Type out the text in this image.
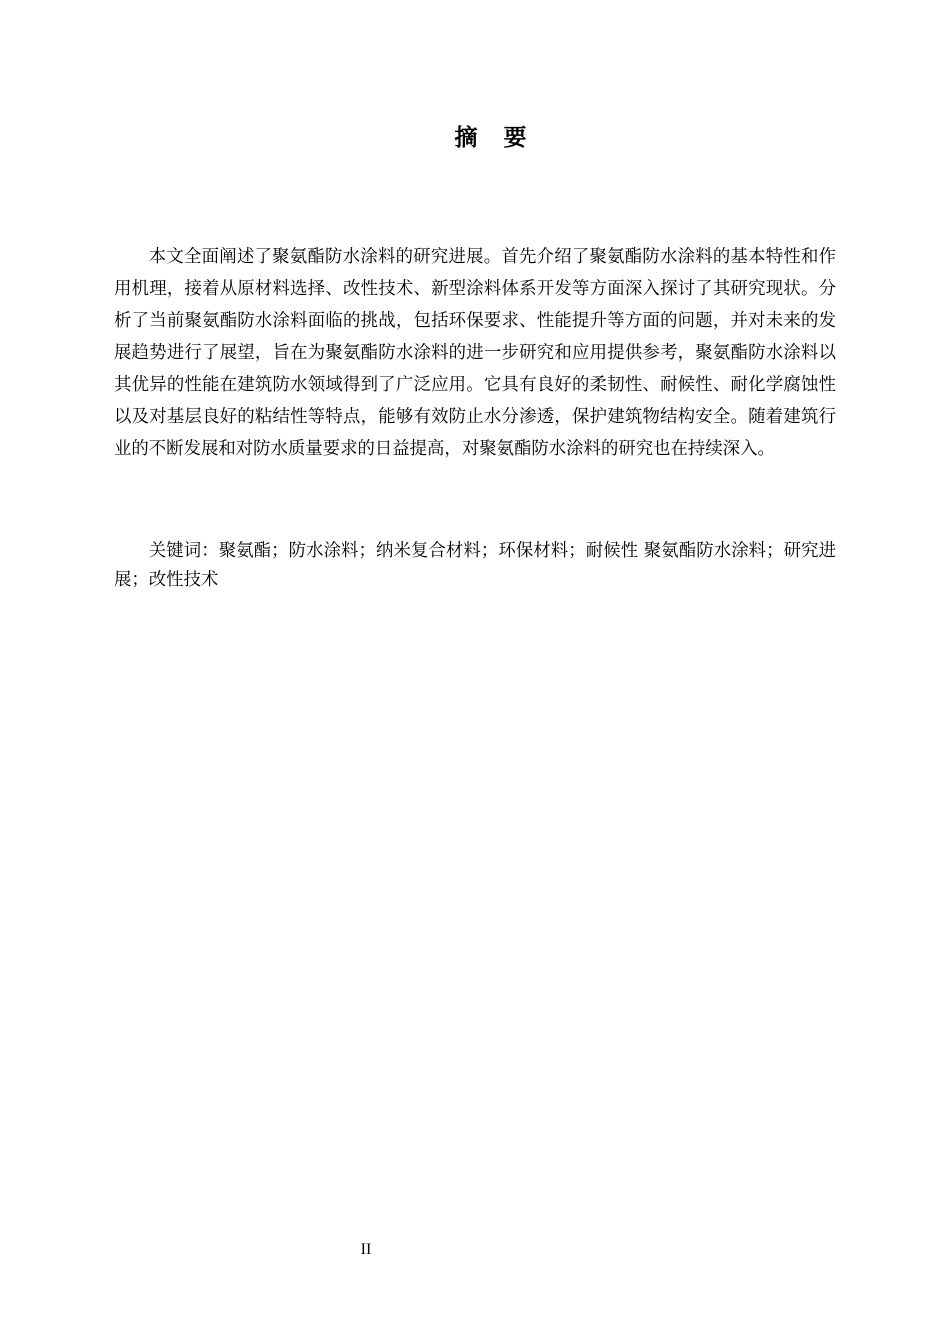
摘 要

本文全面阐述了聚氨酯防水涂料的研究进展。首先介绍了聚氨酯防水涂料的基本特性和作用机理，接着从原材料选择、改性技术、新型涂料体系开发等方面深入探讨了其研究现状。分析了当前聚氨酯防水涂料面临的挑战，包括环保要求、性能提升等方面的问题，并对未来的发展趋势进行了展望，旨在为聚氨酯防水涂料的进一步研究和应用提供参考，聚氨酯防水涂料以其优异的性能在建筑防水领域得到了广泛应用。它具有良好的柔韧性、耐候性、耐化学腐蚀性以及对基层良好的粘结性等特点，能够有效防止水分渗透，保护建筑物结构安全。随着建筑行业的不断发展和对防水质量要求的日益提高，对聚氨酯防水涂料的研究也在持续深入。

关键词：聚氨酯；防水涂料；纳米复合材料；环保材料；耐候性 聚氨酯防水涂料；研究进展；改性技术

II
